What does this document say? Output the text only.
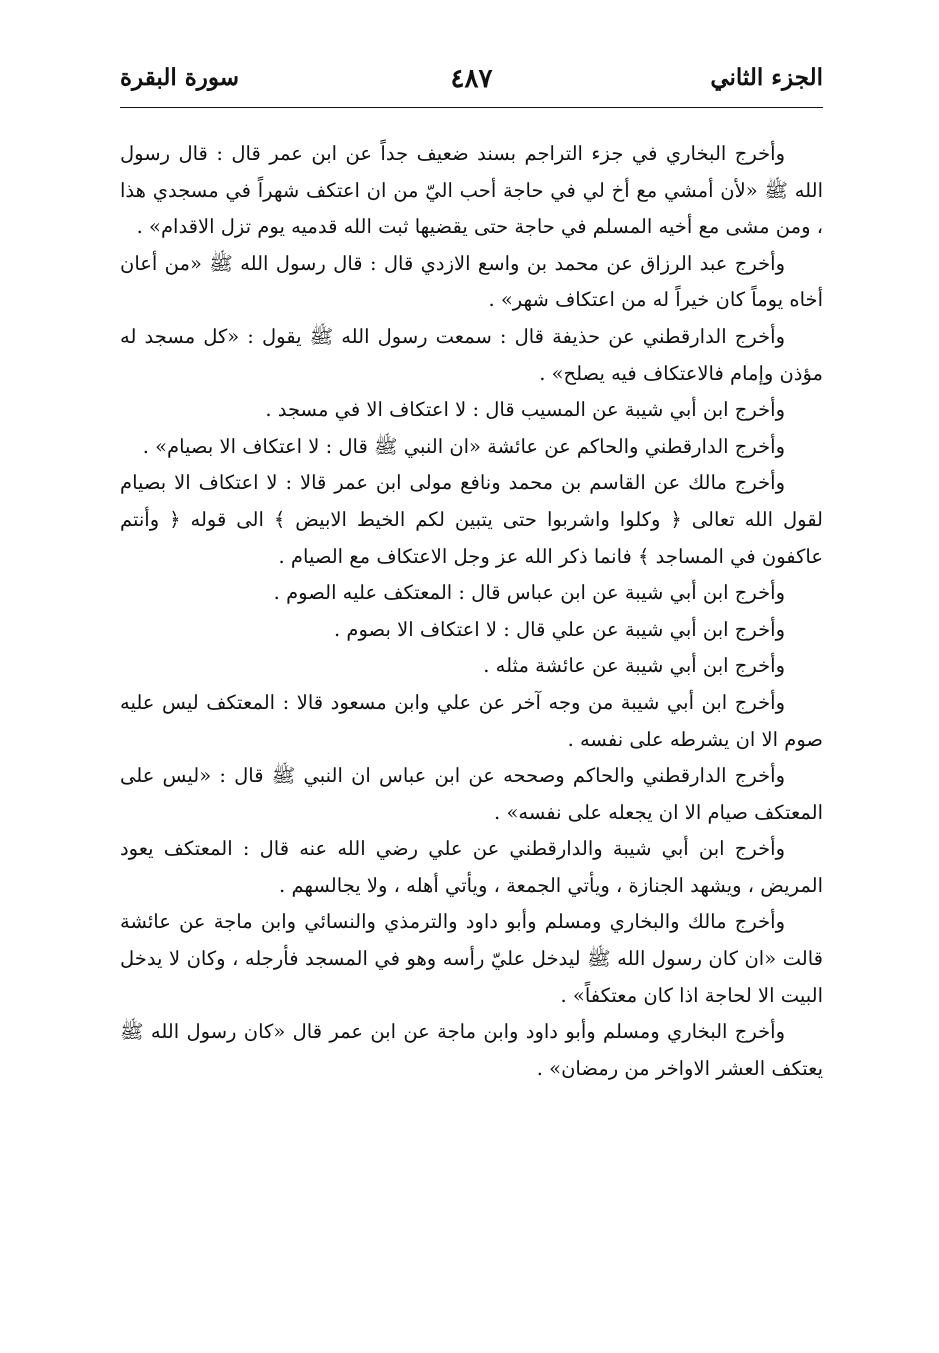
الجزء الثاني
٤٨٧
سورة البقرة

وأخرج البخاري في جزء التراجم بسند ضعيف جداً عن ابن عمر قال : قال رسول الله ﷺ «لأن أمشي مع أخ لي في حاجة أحب اليّ من ان اعتكف شهراً في مسجدي هذا ، ومن مشى مع أخيه المسلم في حاجة حتى يقضيها ثبت الله قدميه يوم تزل الاقدام» .

وأخرج عبد الرزاق عن محمد بن واسع الازدي قال : قال رسول الله ﷺ «من أعان أخاه يوماً كان خيراً له من اعتكاف شهر» .

وأخرج الدارقطني عن حذيفة قال : سمعت رسول الله ﷺ يقول : «كل مسجد له مؤذن وإمام فالاعتكاف فيه يصلح» .

وأخرج ابن أبي شيبة عن المسيب قال : لا اعتكاف الا في مسجد .

وأخرج الدارقطني والحاكم عن عائشة «ان النبي ﷺ قال : لا اعتكاف الا بصيام» .

وأخرج مالك عن القاسم بن محمد ونافع مولى ابن عمر قالا : لا اعتكاف الا بصيام لقول الله تعالى ﴿ وكلوا واشربوا حتى يتبين لكم الخيط الابيض ﴾ الى قوله ﴿ وأنتم عاكفون في المساجد ﴾ فانما ذكر الله عز وجل الاعتكاف مع الصيام .

وأخرج ابن أبي شيبة عن ابن عباس قال : المعتكف عليه الصوم .

وأخرج ابن أبي شيبة عن علي قال : لا اعتكاف الا بصوم .

وأخرج ابن أبي شيبة عن عائشة مثله .

وأخرج ابن أبي شيبة من وجه آخر عن علي وابن مسعود قالا : المعتكف ليس عليه صوم الا ان يشرطه على نفسه .

وأخرج الدارقطني والحاكم وصححه عن ابن عباس ان النبي ﷺ قال : «ليس على المعتكف صيام الا ان يجعله على نفسه» .

وأخرج ابن أبي شيبة والدارقطني عن علي رضي الله عنه قال : المعتكف يعود المريض ، ويشهد الجنازة ، ويأتي الجمعة ، ويأتي أهله ، ولا يجالسهم .

وأخرج مالك والبخاري ومسلم وأبو داود والترمذي والنسائي وابن ماجة عن عائشة قالت «ان كان رسول الله ﷺ ليدخل عليّ رأسه وهو في المسجد فأرجله ، وكان لا يدخل البيت الا لحاجة اذا كان معتكفاً» .

وأخرج البخاري ومسلم وأبو داود وابن ماجة عن ابن عمر قال «كان رسول الله ﷺ يعتكف العشر الاواخر من رمضان» .
